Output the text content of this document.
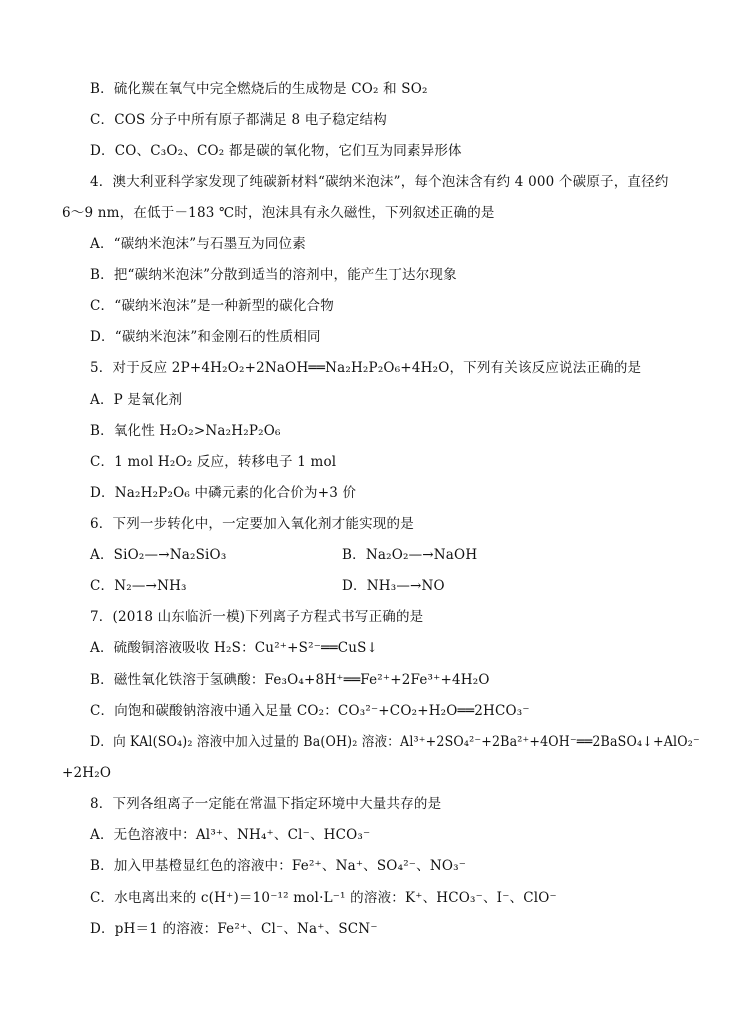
B．硫化羰在氧气中完全燃烧后的生成物是 CO₂ 和 SO₂
C．COS 分子中所有原子都满足 8 电子稳定结构
D．CO、C₃O₂、CO₂ 都是碳的氧化物，它们互为同素异形体
4．澳大利亚科学家发现了纯碳新材料“碳纳米泡沫”，每个泡沫含有约 4 000 个碳原子，直径约
6～9 nm，在低于－183 ℃时，泡沫具有永久磁性，下列叙述正确的是
A．“碳纳米泡沫”与石墨互为同位素
B．把“碳纳米泡沫”分散到适当的溶剂中，能产生丁达尔现象
C．“碳纳米泡沫”是一种新型的碳化合物
D．“碳纳米泡沫”和金刚石的性质相同
5．对于反应 2P+4H₂O₂+2NaOH══Na₂H₂P₂O₆+4H₂O，下列有关该反应说法正确的是
A．P 是氧化剂
B．氧化性 H₂O₂>Na₂H₂P₂O₆
C．1 mol H₂O₂ 反应，转移电子 1 mol
D．Na₂H₂P₂O₆ 中磷元素的化合价为+3 价
6．下列一步转化中，一定要加入氧化剂才能实现的是
A．SiO₂—→Na₂SiO₃	B．Na₂O₂—→NaOH
C．N₂—→NH₃	D．NH₃—→NO
7．(2018 山东临沂一模)下列离子方程式书写正确的是
A．硫酸铜溶液吸收 H₂S：Cu²⁺+S²⁻══CuS↓
B．磁性氧化铁溶于氢碘酸：Fe₃O₄+8H⁺══Fe²⁺+2Fe³⁺+4H₂O
C．向饱和碳酸钠溶液中通入足量 CO₂：CO₃²⁻+CO₂+H₂O══2HCO₃⁻
D．向 KAl(SO₄)₂ 溶液中加入过量的 Ba(OH)₂ 溶液：Al³⁺+2SO₄²⁻+2Ba²⁺+4OH⁻══2BaSO₄↓+AlO₂⁻
+2H₂O
8．下列各组离子一定能在常温下指定环境中大量共存的是
A．无色溶液中：Al³⁺、NH₄⁺、Cl⁻、HCO₃⁻
B．加入甲基橙显红色的溶液中：Fe²⁺、Na⁺、SO₄²⁻、NO₃⁻
C．水电离出来的 c(H⁺)＝10⁻¹² mol·L⁻¹ 的溶液：K⁺、HCO₃⁻、I⁻、ClO⁻
D．pH＝1 的溶液：Fe²⁺、Cl⁻、Na⁺、SCN⁻
